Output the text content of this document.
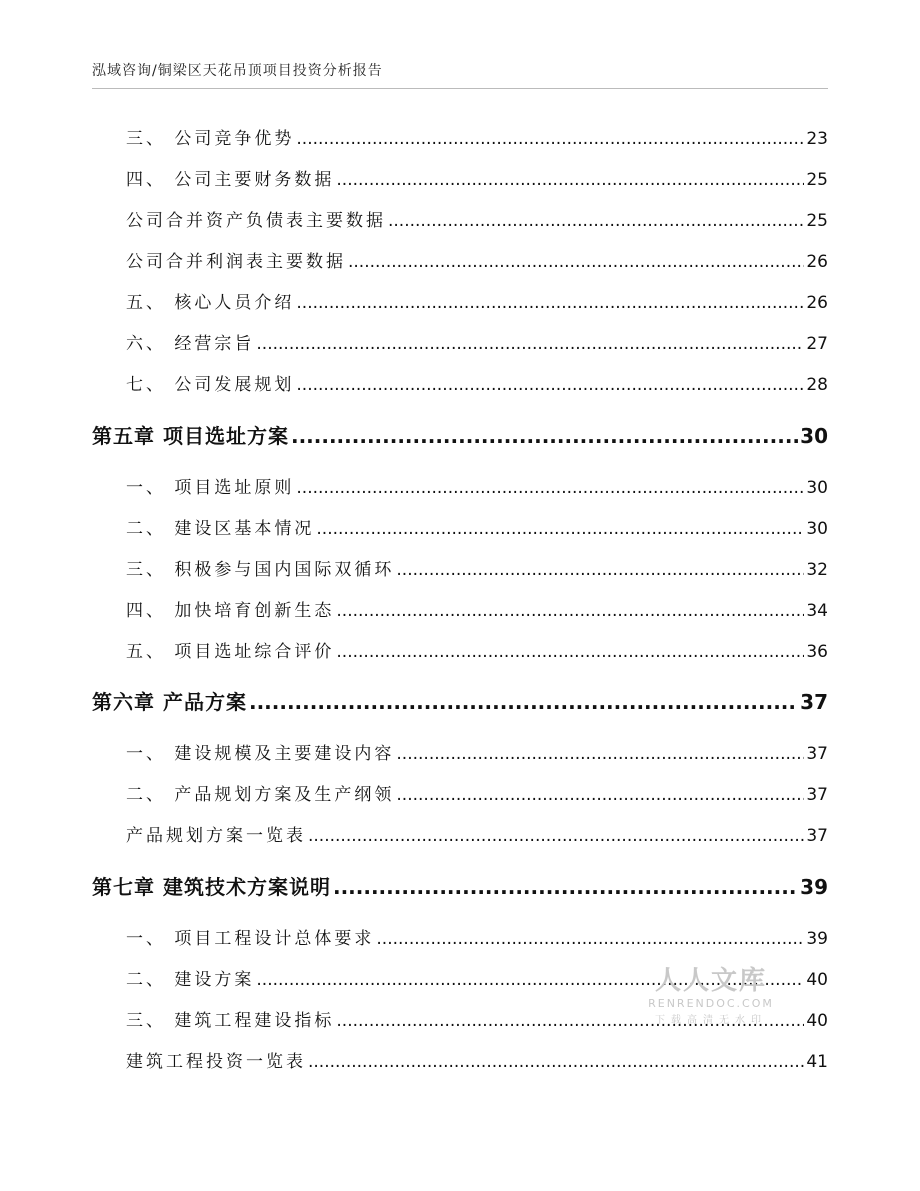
泓域咨询/铜梁区天花吊顶项目投资分析报告
三、 公司竞争优势 .....	23
四、 公司主要财务数据 .....	25
公司合并资产负债表主要数据 .....	25
公司合并利润表主要数据 .....	26
五、 核心人员介绍 .....	26
六、 经营宗旨 .....	27
七、 公司发展规划 .....	28
第五章 项目选址方案 .....	30
一、 项目选址原则 .....	30
二、 建设区基本情况 .....	30
三、 积极参与国内国际双循环 .....	32
四、 加快培育创新生态 .....	34
五、 项目选址综合评价 .....	36
第六章 产品方案 .....	37
一、 建设规模及主要建设内容 .....	37
二、 产品规划方案及生产纲领 .....	37
产品规划方案一览表 .....	37
第七章 建筑技术方案说明 .....	39
一、 项目工程设计总体要求 .....	39
二、 建设方案 .....	40
三、 建筑工程建设指标 .....	40
建筑工程投资一览表 .....	41
人人文库
RENRENDOC.COM
下载高清无水印
